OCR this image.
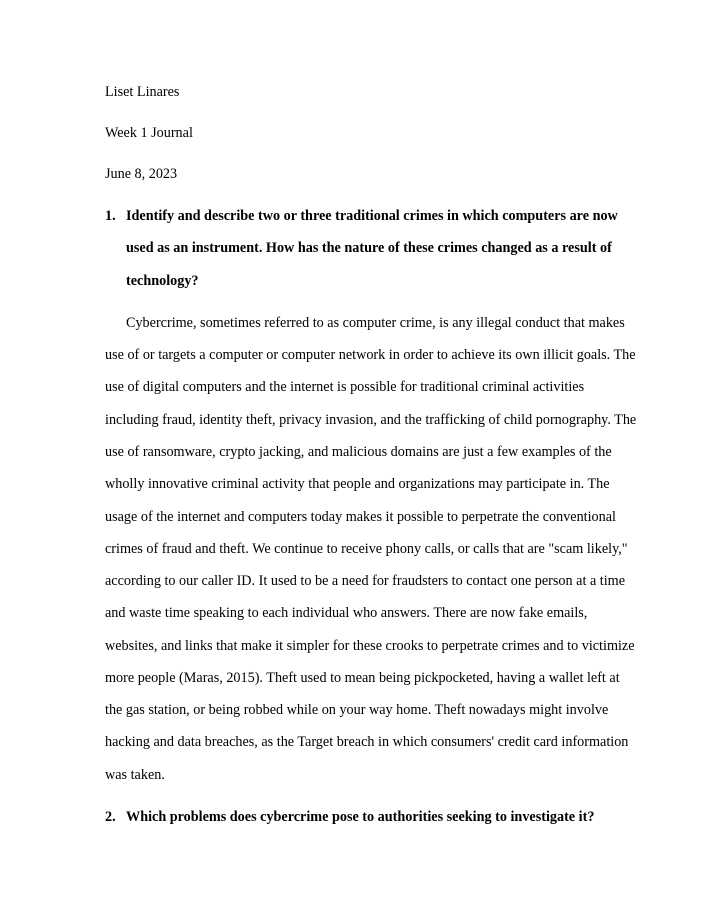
Liset Linares
Week 1 Journal
June 8, 2023
1. Identify and describe two or three traditional crimes in which computers are now
used as an instrument. How has the nature of these crimes changed as a result of
technology?
Cybercrime, sometimes referred to as computer crime, is any illegal conduct that makes
use of or targets a computer or computer network in order to achieve its own illicit goals. The
use of digital computers and the internet is possible for traditional criminal activities
including fraud, identity theft, privacy invasion, and the trafficking of child pornography. The
use of ransomware, crypto jacking, and malicious domains are just a few examples of the
wholly innovative criminal activity that people and organizations may participate in. The
usage of the internet and computers today makes it possible to perpetrate the conventional
crimes of fraud and theft. We continue to receive phony calls, or calls that are "scam likely,"
according to our caller ID. It used to be a need for fraudsters to contact one person at a time
and waste time speaking to each individual who answers. There are now fake emails,
websites, and links that make it simpler for these crooks to perpetrate crimes and to victimize
more people (Maras, 2015). Theft used to mean being pickpocketed, having a wallet left at
the gas station, or being robbed while on your way home. Theft nowadays might involve
hacking and data breaches, as the Target breach in which consumers' credit card information
was taken.
2. Which problems does cybercrime pose to authorities seeking to investigate it?
